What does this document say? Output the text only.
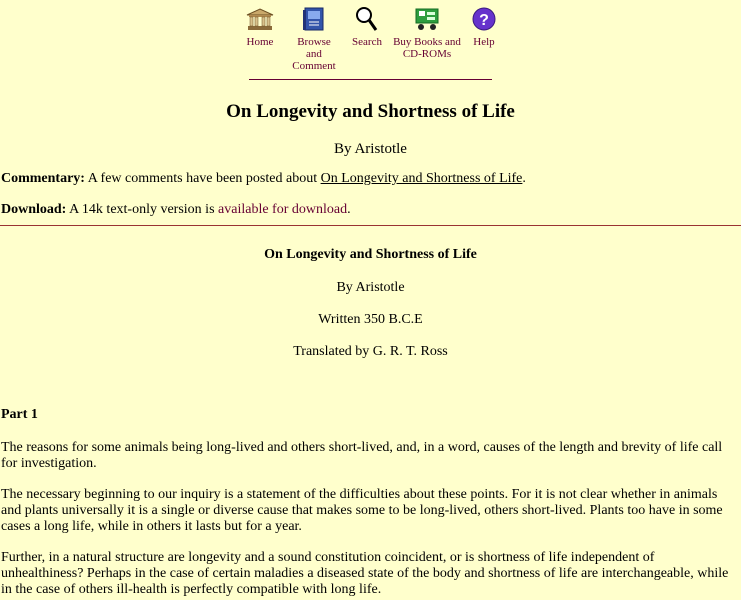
Home	Browse and
Comment
Search Buy Books and
CD-ROMs
?
Help
On Longevity and Shortness of Life
By Aristotle
Commentary: A few comments have been posted about On Longevity and Shortness of Life.
Download: A 14k text-only version is available for download.
On Longevity and Shortness of Life
By Aristotle
Written 350 B.C.E
Translated by G. R. T. Ross
Part 1
The reasons for some animals being long-lived and others short-lived, and, in a word, causes of the length and brevity of life call for investigation.
The necessary beginning to our inquiry is a statement of the difficulties about these points. For it is not clear whether in animals and plants universally it is a single or diverse cause that makes some to be long-lived, others short-lived. Plants too have in some cases a long life, while in others it lasts but for a year.
Further, in a natural structure are longevity and a sound constitution coincident, or is shortness of life independent of unhealthiness? Perhaps in the case of certain maladies a diseased state of the body and shortness of life are interchangeable, while in the case of others ill-health is perfectly compatible with long life.
